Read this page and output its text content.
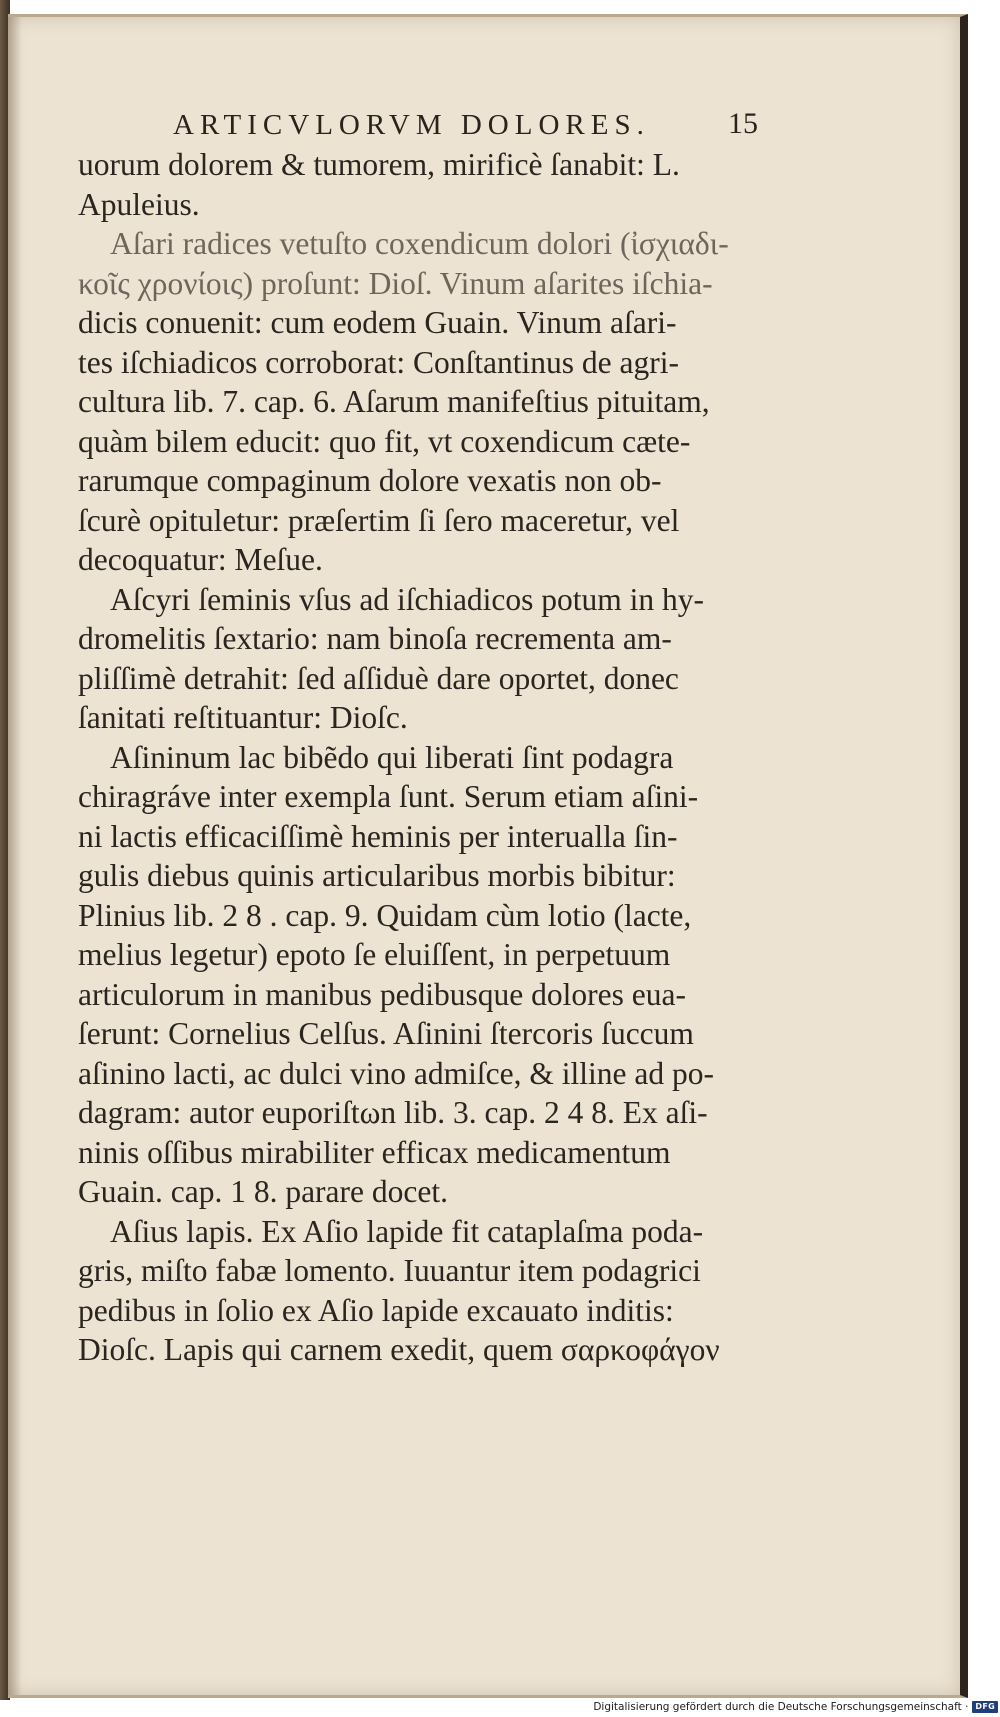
ARTICVLORVM DOLORES.	15
uorum dolorem & tumorem, mirificè ſanabit: L.
Apuleius.
Aſari radices vetuſto coxendicum dolori (ἰσχιαδι-
κοῖς χρονίοις) proſunt: Dioſ. Vinum aſarites iſchia-
dicis conuenit: cum eodem Guain. Vinum aſari-
tes iſchiadicos corroborat: Conſtantinus de agri-
cultura lib. 7. cap. 6. Aſarum manifeſtius pituitam,
quàm bilem educit: quo fit, vt coxendicum cæte-
rarumque compaginum dolore vexatis non ob-
ſcurè opituletur: præſertim ſi ſero maceretur, vel
decoquatur: Meſue.
Aſcyri ſeminis vſus ad iſchiadicos potum in hy-
dromelitis ſextario: nam binoſa recrementa am-
pliſſimè detrahit: ſed aſſiduè dare oportet, donec
ſanitati reſtituantur: Dioſc.
Aſininum lac bibẽdo qui liberati ſint podagra
chiragráve inter exempla ſunt. Serum etiam aſini-
ni lactis efficaciſſimè heminis per interualla ſin-
gulis diebus quinis articularibus morbis bibitur:
Plinius lib. 2 8 . cap. 9. Quidam cùm lotio (lacte,
melius legetur) epoto ſe eluiſſent, in perpetuum
articulorum in manibus pedibusque dolores eua-
ſerunt: Cornelius Celſus. Aſinini ſtercoris ſuccum
aſinino lacti, ac dulci vino admiſce, & illine ad po-
dagram: autor euporiſtωn lib. 3. cap. 2 4 8. Ex aſi-
ninis oſſibus mirabiliter efficax medicamentum
Guain. cap. 1 8. parare docet.
Aſius lapis. Ex Aſio lapide fit cataplaſma poda-
gris, miſto fabæ lomento. Iuuantur item podagrici
pedibus in ſolio ex Aſio lapide excauato inditis:
Dioſc. Lapis qui carnem exedit, quem σαρκοφάγον
Digitalisierung gefördert durch die Deutsche Forschungsgemeinschaft · DFG
